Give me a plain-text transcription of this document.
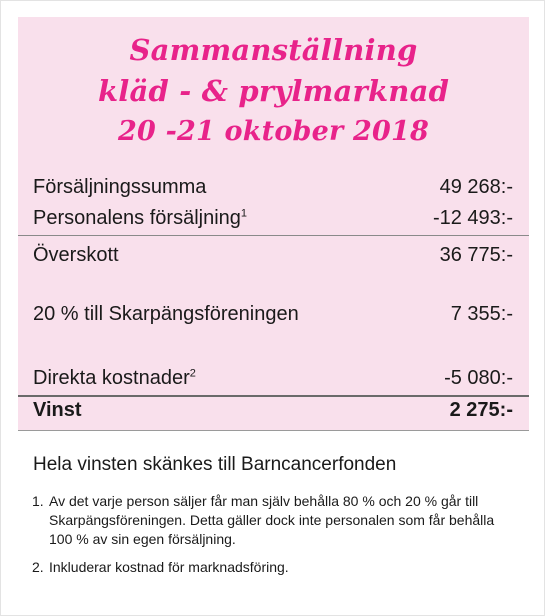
Sammanställning
kläd - & prylmarknad
20 -21 oktober 2018
Försäljningssumma	49 268:-
Personalens försäljning$^1$	-12 493:-
Överskott	36 775:-
20 % till Skarpängsföreningen	7 355:-
Direkta kostnader$^2$	-5 080:-
Vinst	2 275:-
Hela vinsten skänkes till Barncancerfonden
1. Av det varje person säljer får man själv behålla 80 % och 20 % går till Skarpängsföreningen. Detta gäller dock inte personalen som får behålla 100 % av sin egen försäljning.
2. Inkluderar kostnad för marknadsföring.
